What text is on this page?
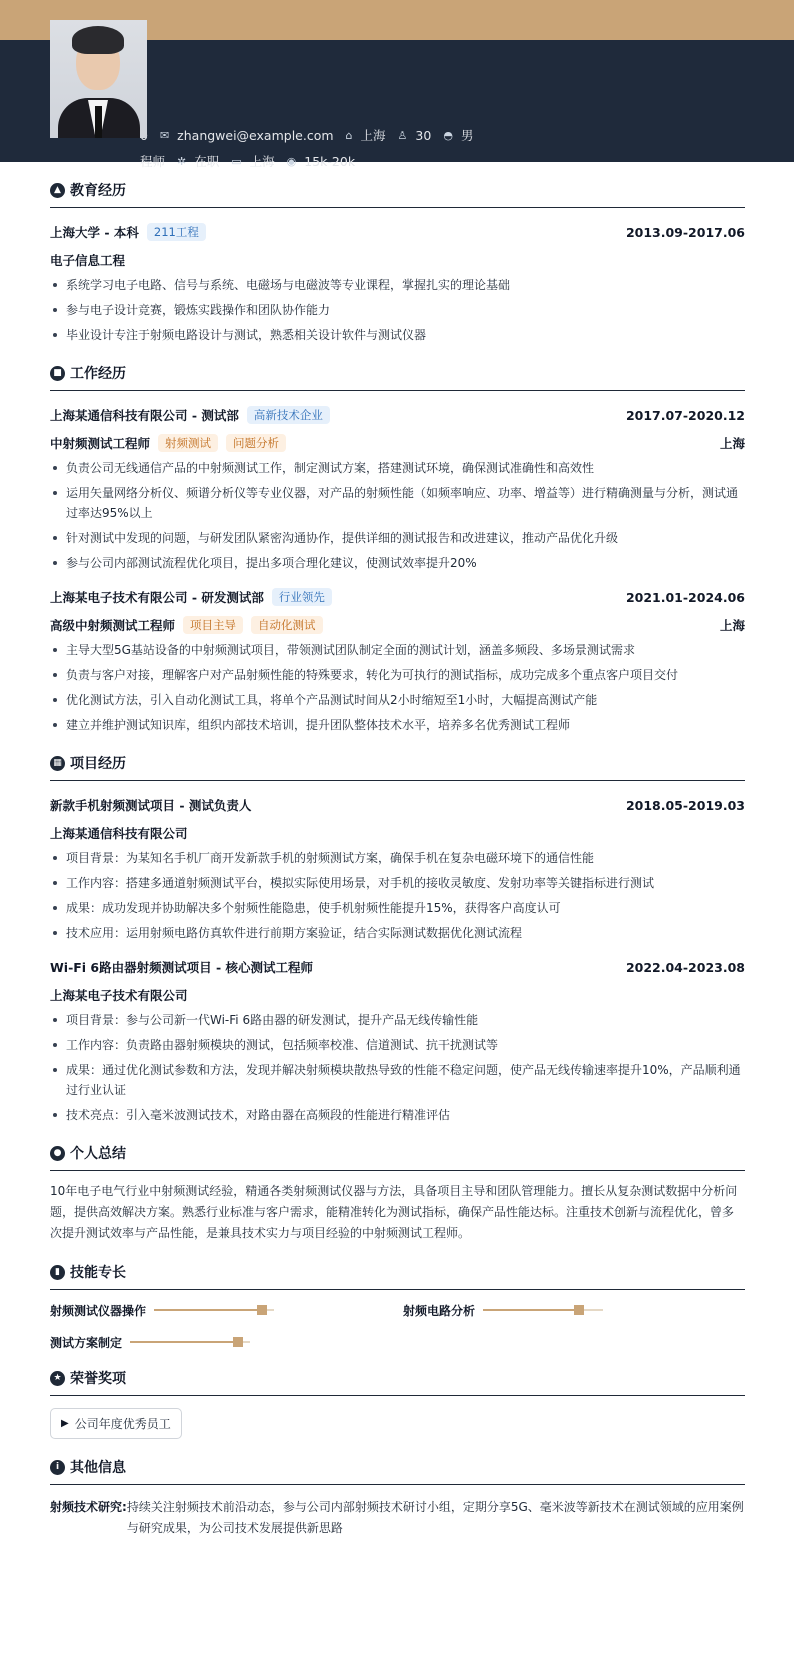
✉ zhangwei@example.com ⌂ 上海 ♙ 30 ◓ 男
程师 ✲ 在职 ▭ 上海 ◉ 15k-20k
▲ 教育经历
上海大学 - 本科	211工程	2013.09-2017.06
电子信息工程
系统学习电子电路、信号与系统、电磁场与电磁波等专业课程，掌握扎实的理论基础
参与电子设计竞赛，锻炼实践操作和团队协作能力
毕业设计专注于射频电路设计与测试，熟悉相关设计软件与测试仪器
■ 工作经历
上海某通信科技有限公司 - 测试部	高新技术企业	2017.07-2020.12
中射频测试工程师	射频测试	问题分析	上海
负责公司无线通信产品的中射频测试工作，制定测试方案，搭建测试环境，确保测试准确性和高效性
运用矢量网络分析仪、频谱分析仪等专业仪器，对产品的射频性能（如频率响应、功率、增益等）进行精确测量与分析，测试通过率达95%以上
针对测试中发现的问题，与研发团队紧密沟通协作，提供详细的测试报告和改进建议，推动产品优化升级
参与公司内部测试流程优化项目，提出多项合理化建议，使测试效率提升20%
上海某电子技术有限公司 - 研发测试部	行业领先	2021.01-2024.06
高级中射频测试工程师	项目主导	自动化测试	上海
主导大型5G基站设备的中射频测试项目，带领测试团队制定全面的测试计划，涵盖多频段、多场景测试需求
负责与客户对接，理解客户对产品射频性能的特殊要求，转化为可执行的测试指标，成功完成多个重点客户项目交付
优化测试方法，引入自动化测试工具，将单个产品测试时间从2小时缩短至1小时，大幅提高测试产能
建立并维护测试知识库，组织内部技术培训，提升团队整体技术水平，培养多名优秀测试工程师
▦ 项目经历
新款手机射频测试项目 - 测试负责人	2018.05-2019.03
上海某通信科技有限公司
项目背景：为某知名手机厂商开发新款手机的射频测试方案，确保手机在复杂电磁环境下的通信性能
工作内容：搭建多通道射频测试平台，模拟实际使用场景，对手机的接收灵敏度、发射功率等关键指标进行测试
成果：成功发现并协助解决多个射频性能隐患，使手机射频性能提升15%，获得客户高度认可
技术应用：运用射频电路仿真软件进行前期方案验证，结合实际测试数据优化测试流程
Wi-Fi 6路由器射频测试项目 - 核心测试工程师	2022.04-2023.08
上海某电子技术有限公司
项目背景：参与公司新一代Wi-Fi 6路由器的研发测试，提升产品无线传输性能
工作内容：负责路由器射频模块的测试，包括频率校准、信道测试、抗干扰测试等
成果：通过优化测试参数和方法，发现并解决射频模块散热导致的性能不稳定问题，使产品无线传输速率提升10%，产品顺利通过行业认证
技术亮点：引入毫米波测试技术，对路由器在高频段的性能进行精准评估
● 个人总结

10年电子电气行业中射频测试经验，精通各类射频测试仪器与方法，具备项目主导和团队管理能力。擅长从复杂测试数据中分析问题，提供高效解决方案。熟悉行业标准与客户需求，能精准转化为测试指标，确保产品性能达标。注重技术创新与流程优化，曾多次提升测试效率与产品性能，是兼具技术实力与项目经验的中射频测试工程师。

▮ 技能专长
射频测试仪器操作	射频电路分析
测试方案制定
★ 荣誉奖项
▶ 公司年度优秀员工
i 其他信息
射频技术研究: 持续关注射频技术前沿动态，参与公司内部射频技术研讨小组，定期分享5G、毫米波等新技术在测试领域的应用案例与研究成果，为公司技术发展提供新思路
